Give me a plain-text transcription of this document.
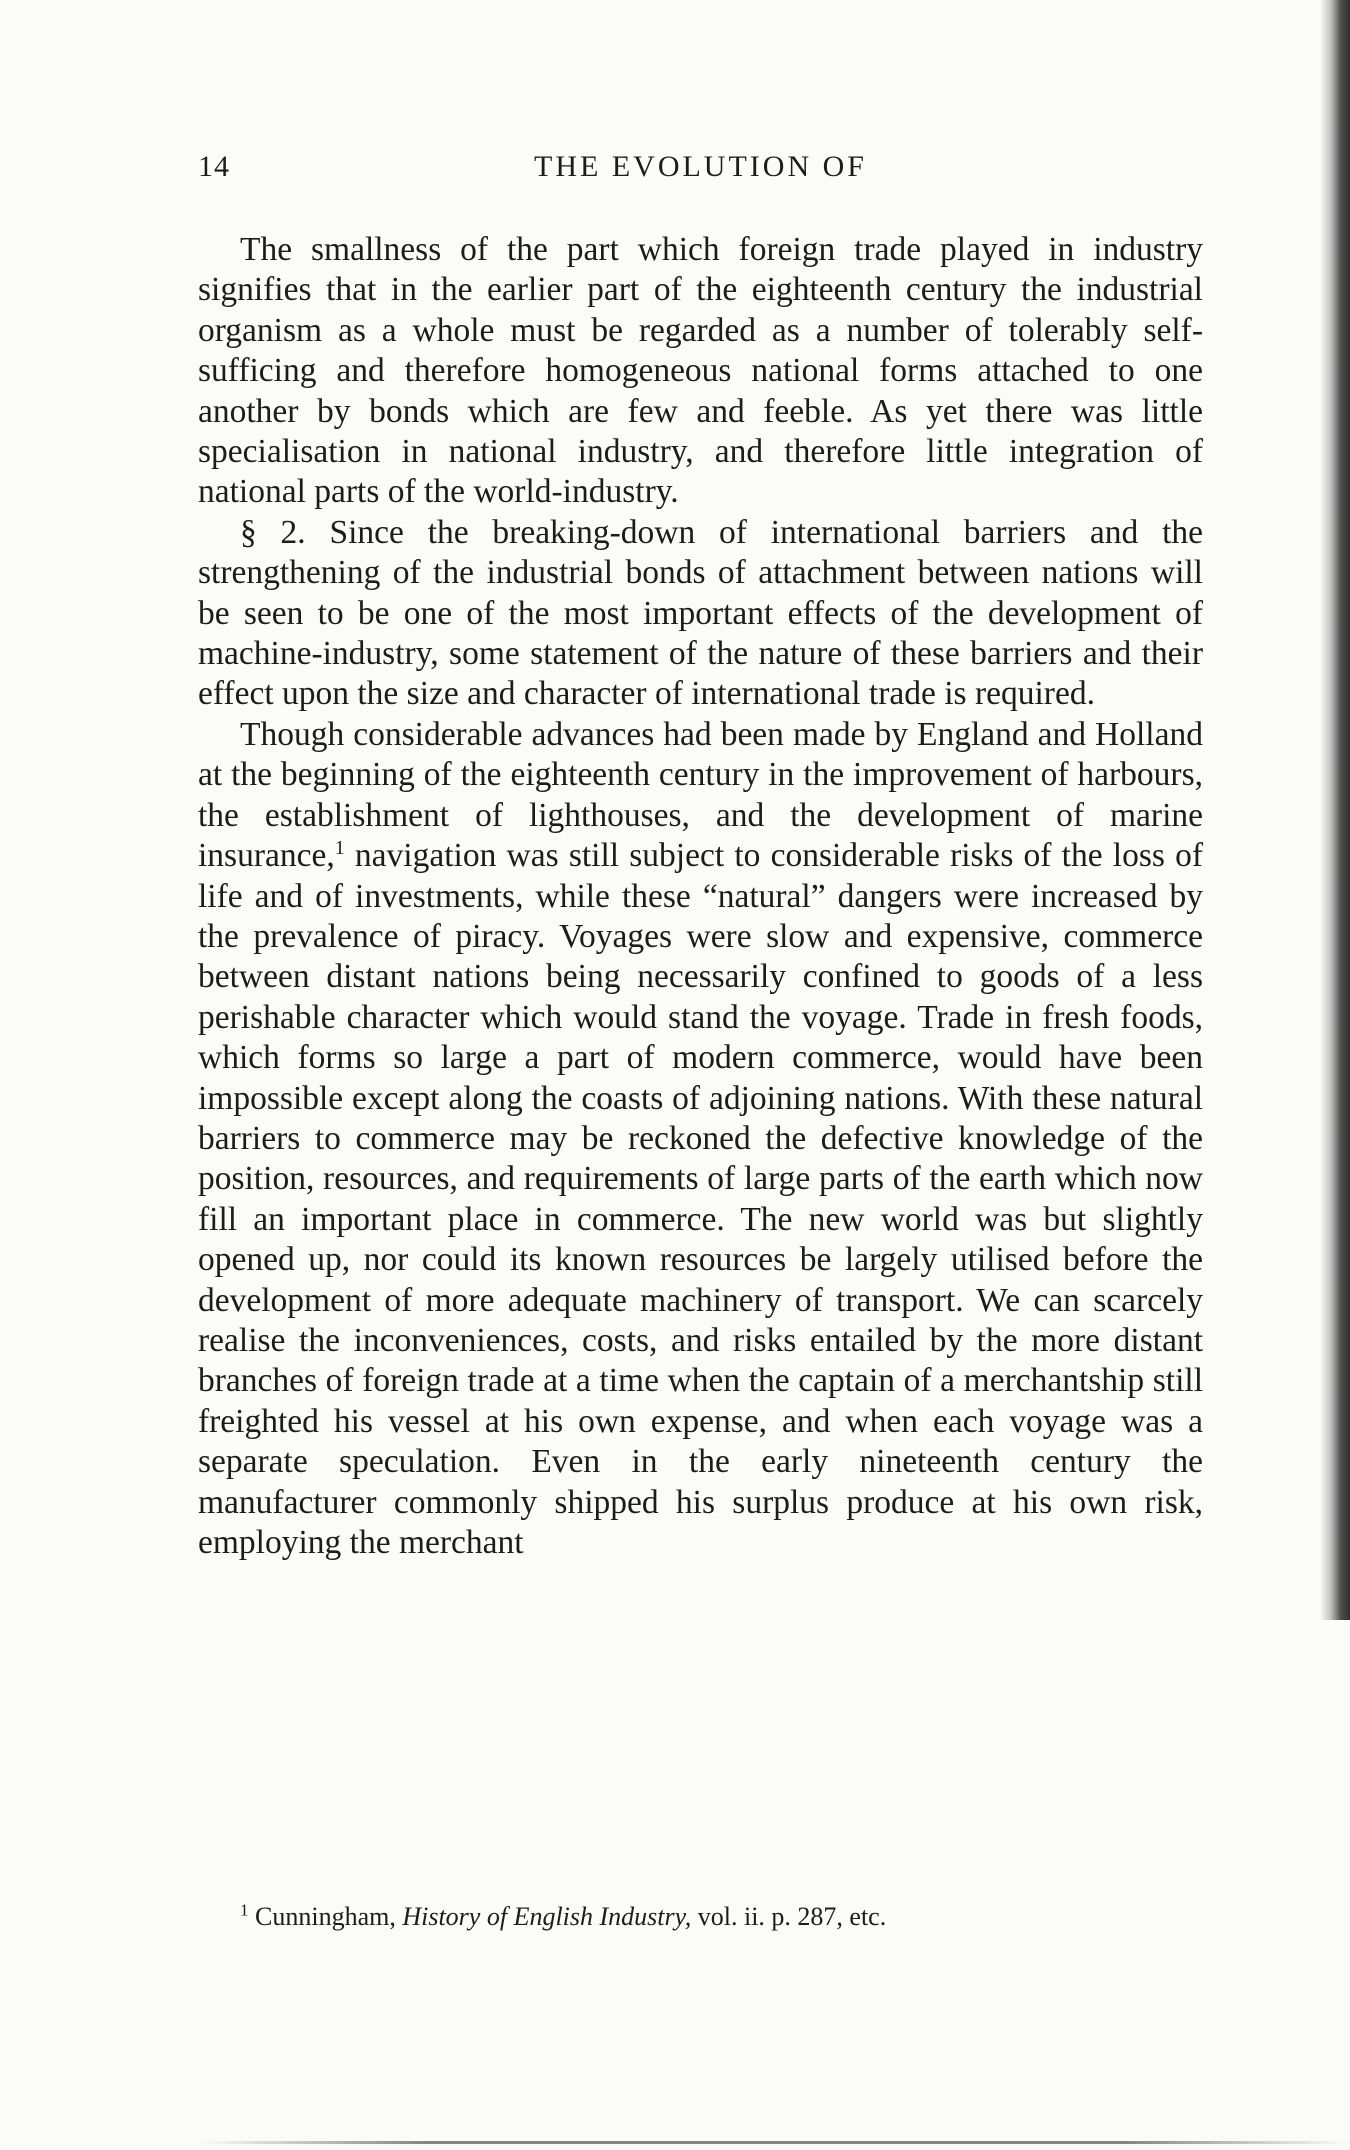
14	THE EVOLUTION OF

The smallness of the part which foreign trade played in industry signifies that in the earlier part of the eighteenth century the industrial organism as a whole must be regarded as a number of tolerably self-sufficing and therefore homogeneous national forms attached to one another by bonds which are few and feeble. As yet there was little specialisation in national industry, and therefore little integration of national parts of the world-industry.

§ 2. Since the breaking-down of international barriers and the strengthening of the industrial bonds of attachment between nations will be seen to be one of the most important effects of the development of machine-industry, some statement of the nature of these barriers and their effect upon the size and character of international trade is required.

Though considerable advances had been made by England and Holland at the beginning of the eighteenth century in the improvement of harbours, the establishment of lighthouses, and the development of marine insurance,$^1$ navigation was still subject to considerable risks of the loss of life and of investments, while these “natural” dangers were increased by the prevalence of piracy. Voyages were slow and expensive, commerce between distant nations being necessarily confined to goods of a less perishable character which would stand the voyage. Trade in fresh foods, which forms so large a part of modern commerce, would have been impossible except along the coasts of adjoining nations. With these natural barriers to commerce may be reckoned the defective knowledge of the position, resources, and requirements of large parts of the earth which now fill an important place in commerce. The new world was but slightly opened up, nor could its known resources be largely utilised before the development of more adequate machinery of transport. We can scarcely realise the inconveniences, costs, and risks entailed by the more distant branches of foreign trade at a time when the captain of a merchantship still freighted his vessel at his own expense, and when each voyage was a separate speculation. Even in the early nineteenth century the manufacturer commonly shipped his surplus produce at his own risk, employing the merchant

$^1$ Cunningham, History of English Industry, vol. ii. p. 287, etc.
